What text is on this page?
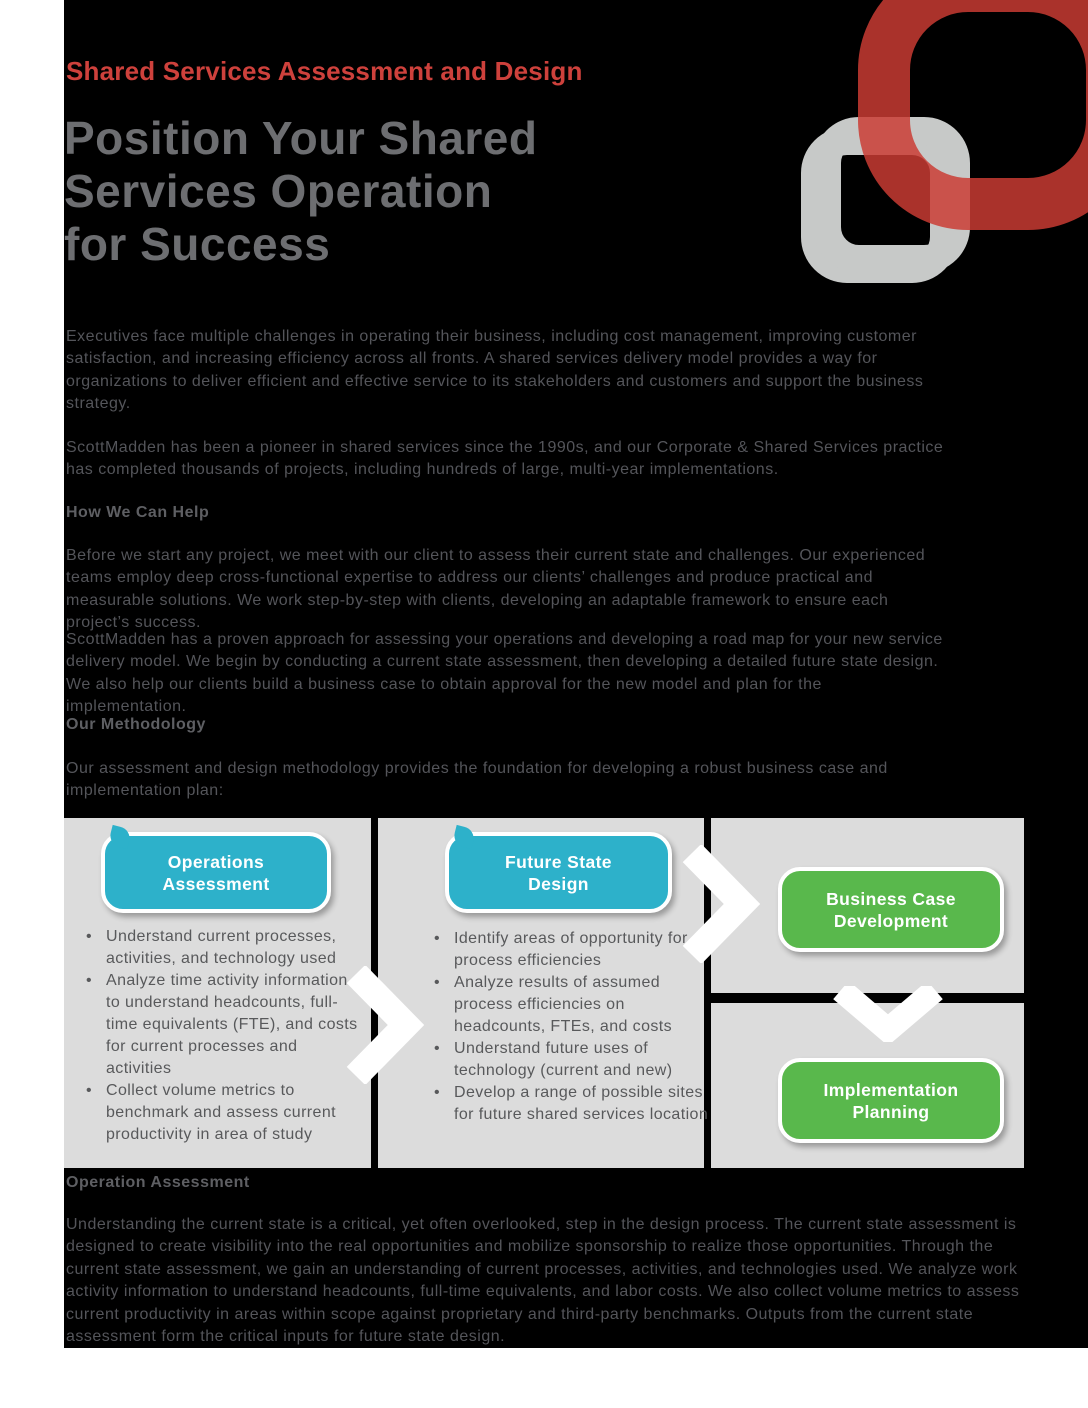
Shared Services Assessment and Design
Position Your Shared
Services Operation
for Success

Executives face multiple challenges in operating their business, including cost management, improving customer satisfaction, and increasing efficiency across all fronts. A shared services delivery model provides a way for organizations to deliver efficient and effective service to its stakeholders and customers and support the business strategy.

ScottMadden has been a pioneer in shared services since the 1990s, and our Corporate & Shared Services practice has completed thousands of projects, including hundreds of large, multi-year implementations.

How We Can Help

Before we start any project, we meet with our client to assess their current state and challenges. Our experienced teams employ deep cross-functional expertise to address our clients’ challenges and produce practical and measurable solutions. We work step-by-step with clients, developing an adaptable framework to ensure each project’s success.

ScottMadden has a proven approach for assessing your operations and developing a road map for your new service delivery model. We begin by conducting a current state assessment, then developing a detailed future state design. We also help our clients build a business case to obtain approval for the new model and plan for the implementation.

Our Methodology

Our assessment and design methodology provides the foundation for developing a robust business case and implementation plan:

Operations
Assessment
Future State
Design
Business Case
Development
Implementation
Planning
• Understand current processes, activities, and technology used
• Analyze time activity information to understand headcounts, full-time equivalents (FTE), and costs for current processes and activities
• Collect volume metrics to benchmark and assess current productivity in area of study
• Identify areas of opportunity for process efficiencies
• Analyze results of assumed process efficiencies on headcounts, FTEs, and costs
• Understand future uses of technology (current and new)
• Develop a range of possible sites for future shared services location
Operation Assessment

Understanding the current state is a critical, yet often overlooked, step in the design process. The current state assessment is designed to create visibility into the real opportunities and mobilize sponsorship to realize those opportunities. Through the current state assessment, we gain an understanding of current processes, activities, and technologies used. We analyze work activity information to understand headcounts, full-time equivalents, and labor costs. We also collect volume metrics to assess current productivity in areas within scope against proprietary and third-party benchmarks. Outputs from the current state assessment form the critical inputs for future state design.
